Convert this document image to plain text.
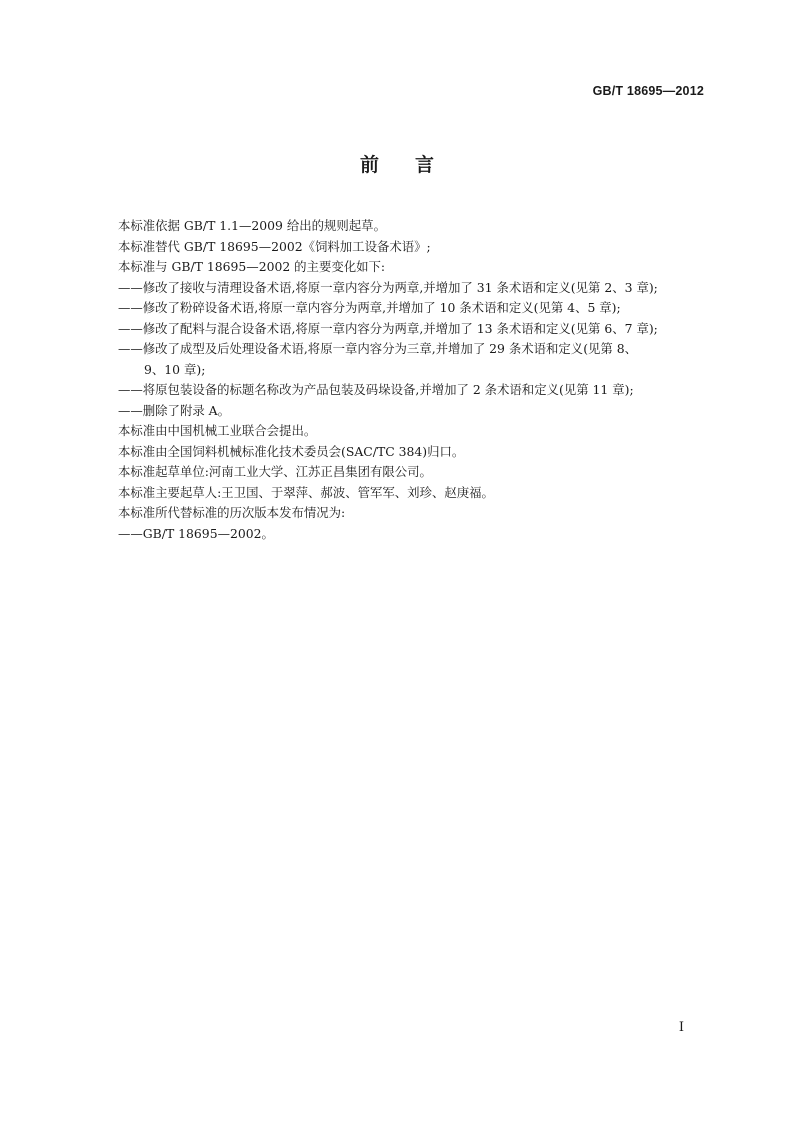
GB/T 18695—2012
前言

本标准依据 GB/T 1.1—2009 给出的规则起草。

本标准替代 GB/T 18695—2002《饲料加工设备术语》;

本标准与 GB/T 18695—2002 的主要变化如下:

——修改了接收与清理设备术语,将原一章内容分为两章,并增加了 31 条术语和定义(见第 2、3 章);

——修改了粉碎设备术语,将原一章内容分为两章,并增加了 10 条术语和定义(见第 4、5 章);

——修改了配料与混合设备术语,将原一章内容分为两章,并增加了 13 条术语和定义(见第 6、7 章);

——修改了成型及后处理设备术语,将原一章内容分为三章,并增加了 29 条术语和定义(见第 8、

9、10 章);

——将原包装设备的标题名称改为产品包装及码垛设备,并增加了 2 条术语和定义(见第 11 章);

——删除了附录 A。

本标准由中国机械工业联合会提出。

本标准由全国饲料机械标准化技术委员会(SAC/TC 384)归口。

本标准起草单位:河南工业大学、江苏正昌集团有限公司。

本标准主要起草人:王卫国、于翠萍、郝波、管军军、刘珍、赵庚福。

本标准所代替标准的历次版本发布情况为:

——GB/T 18695—2002。

I
